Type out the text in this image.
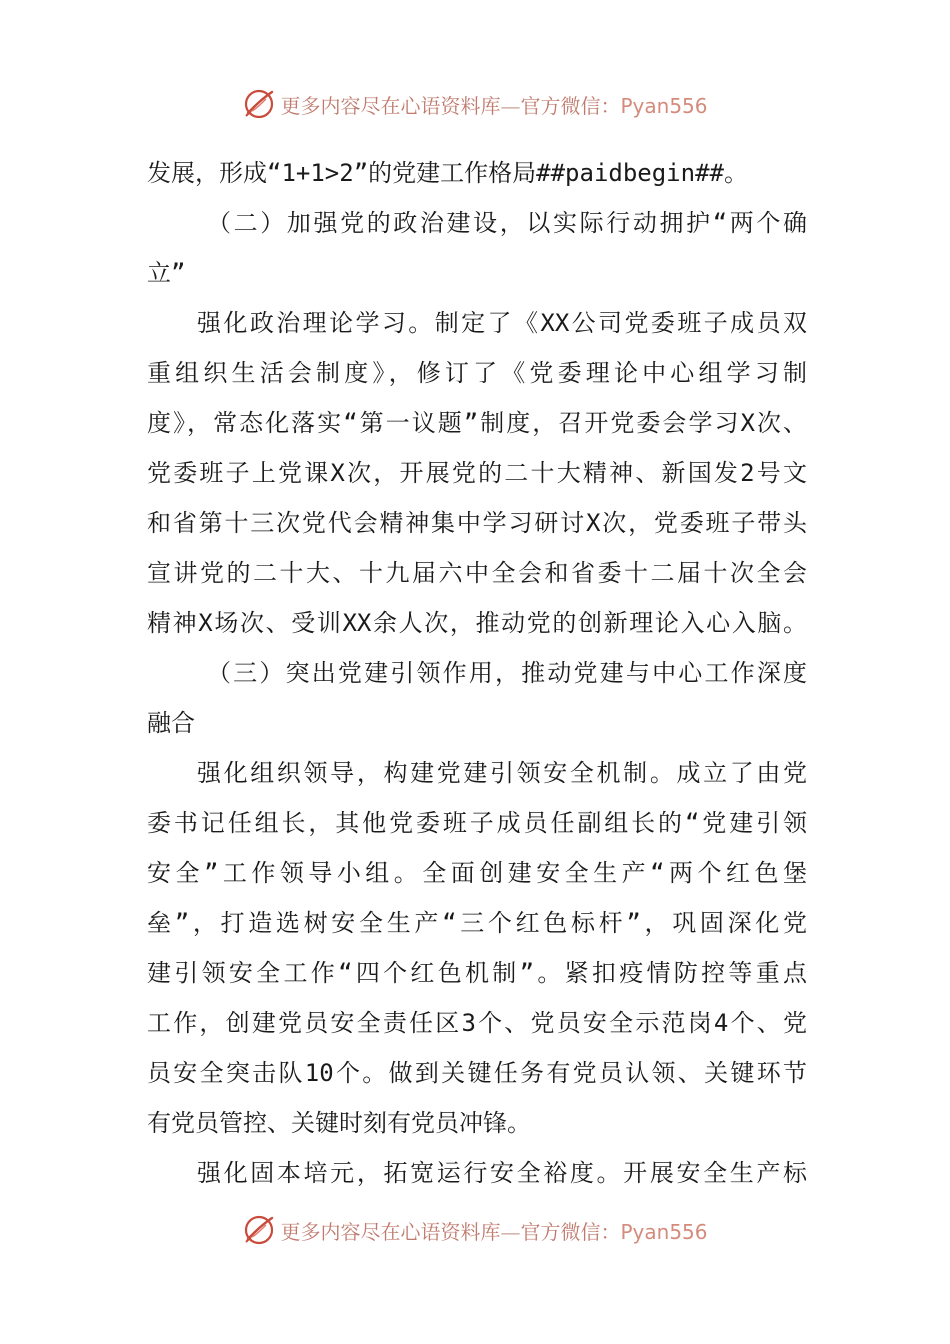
更多内容尽在心语资料库—官方微信：Pyan556
发展，形成“1+1>2”的党建工作格局##paidbegin##。
（二）加强党的政治建设，以实际行动拥护“两个确
立”
强化政治理论学习。制定了《XX公司党委班子成员双
重组织生活会制度》，修订了《党委理论中心组学习制
度》，常态化落实“第一议题”制度，召开党委会学习X次、
党委班子上党课X次，开展党的二十大精神、新国发2号文
和省第十三次党代会精神集中学习研讨X次，党委班子带头
宣讲党的二十大、十九届六中全会和省委十二届十次全会
精神X场次、受训XX余人次，推动党的创新理论入心入脑。
（三）突出党建引领作用，推动党建与中心工作深度
融合
强化组织领导，构建党建引领安全机制。成立了由党
委书记任组长，其他党委班子成员任副组长的“党建引领
安全”工作领导小组。全面创建安全生产“两个红色堡
垒”，打造选树安全生产“三个红色标杆”，巩固深化党
建引领安全工作“四个红色机制”。紧扣疫情防控等重点
工作，创建党员安全责任区3个、党员安全示范岗4个、党
员安全突击队10个。做到关键任务有党员认领、关键环节
有党员管控、关键时刻有党员冲锋。
强化固本培元，拓宽运行安全裕度。开展安全生产标
更多内容尽在心语资料库—官方微信：Pyan556
